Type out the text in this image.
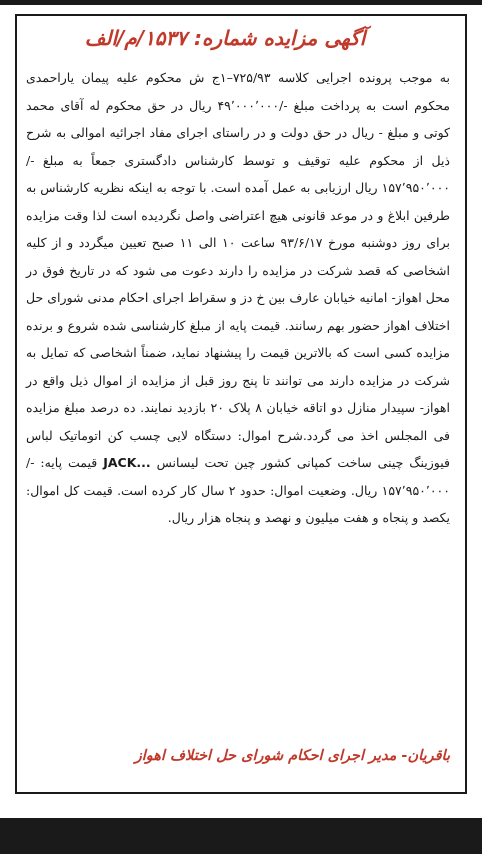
آگهی مزایده شماره: ۱۵۳۷/م/الف

به موجب پرونده اجرایی کلاسه ۷۲۵/۹۳–۱ج ش محکوم علیه پیمان یاراحمدی محکوم است به پرداخت مبلغ -/۴۹٬۰۰۰٬۰۰۰ ریال در حق محکوم له آقای محمد کوتی و مبلغ - ریال در حق دولت و در راستای اجرای مفاد اجرائیه اموالی به شرح ذیل از محکوم علیه توقیف و توسط کارشناس دادگستری جمعاً به مبلغ -/۱۵۷٬۹۵۰٬۰۰۰ ریال ارزیابی به عمل آمده است. با توجه به اینکه نظریه کارشناس به طرفین ابلاغ و در موعد قانونی هیچ اعتراضی واصل نگردیده است لذا وقت مزایده برای روز دوشنبه مورخ ۹۳/۶/۱۷ ساعت ۱۰ الی ۱۱ صبح تعیین میگردد و از کلیه اشخاصی که قصد شرکت در مزایده را دارند دعوت می شود که در تاریخ فوق در محل اهواز- امانیه خیابان عارف بین خ دز و سقراط اجرای احکام مدنی شورای حل اختلاف اهواز حضور بهم رسانند. قیمت پایه از مبلغ کارشناسی شده شروع و برنده مزایده کسی است که بالاترین قیمت را پیشنهاد نماید، ضمناً اشخاصی که تمایل به شرکت در مزایده دارند می توانند تا پنج روز قبل از مزایده از اموال ذیل واقع در اهواز- سپیدار منازل دو اتاقه خیابان ۸ پلاک ۲۰ بازدید نمایند. ده درصد مبلغ مزایده فی المجلس اخذ می گردد.شرح اموال: دستگاه لایی چسب کن اتوماتیک لباس فیوزینگ چینی ساخت کمپانی کشور چین تحت لیسانس JACK... قیمت پایه: -/۱۵۷٬۹۵۰٬۰۰۰ ریال. وضعیت اموال: حدود ۲ سال کار کرده است. قیمت کل اموال: یکصد و پنجاه و هفت میلیون و نهصد و پنجاه هزار ریال.

باقریان- مدیر اجرای احکام شورای حل اختلاف اهواز
